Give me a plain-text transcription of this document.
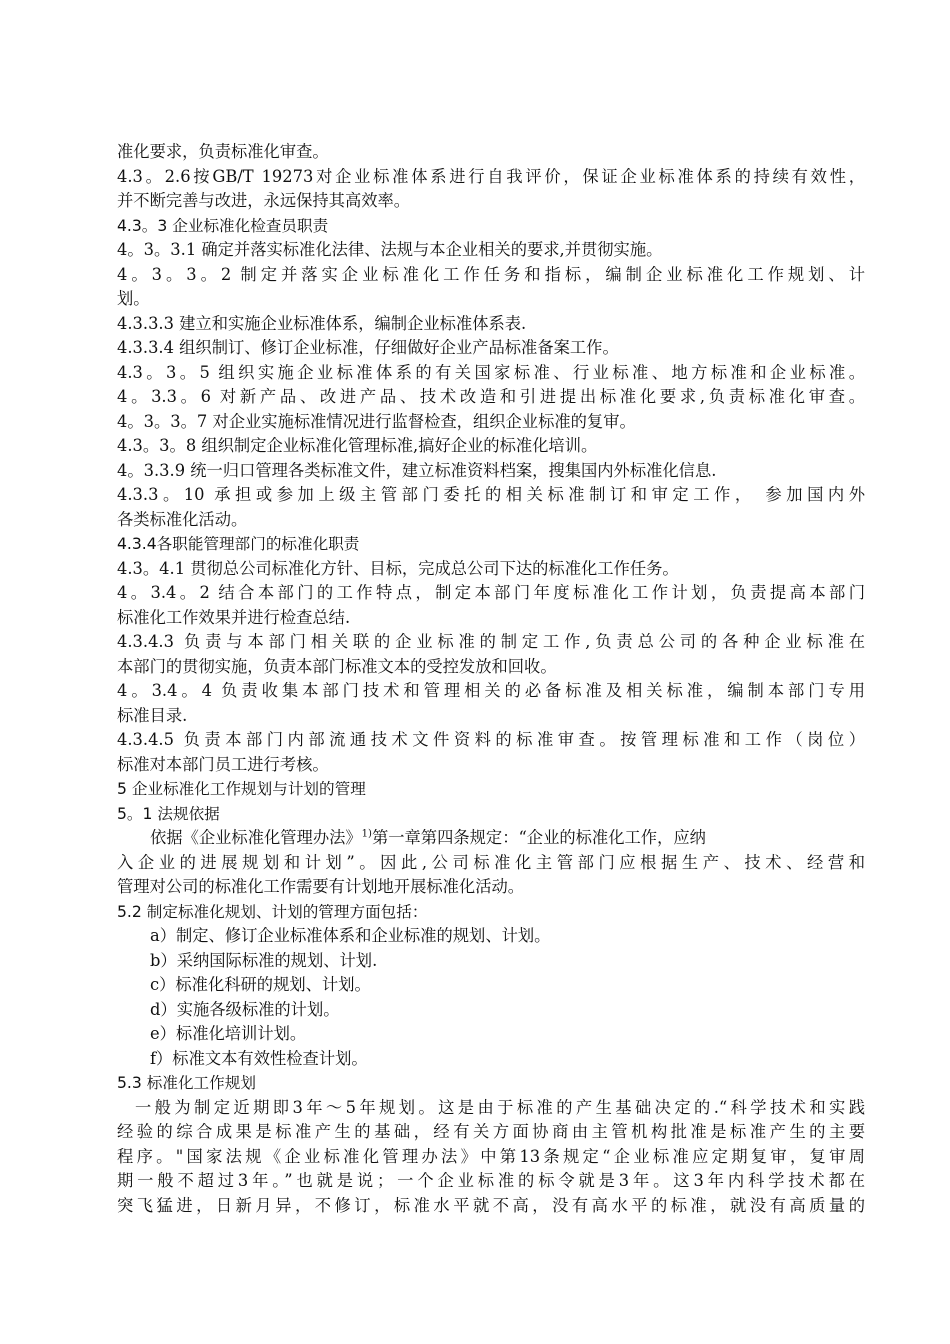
准化要求，负责标准化审查。
4.3。2.6按GB/T 19273对企业标准体系进行自我评价，保证企业标准体系的持续有效性，
并不断完善与改进，永远保持其高效率。
4.3。3 企业标准化检查员职责
4。3。3.1 确定并落实标准化法律、法规与本企业相关的要求,并贯彻实施。
4。3。3。2 制定并落实企业标准化工作任务和指标，编制企业标准化工作规划、计
划。
4.3.3.3 建立和实施企业标准体系，编制企业标准体系表.
4.3.3.4 组织制订、修订企业标准，仔细做好企业产品标准备案工作。
4.3。3。5 组织实施企业标准体系的有关国家标准、行业标准、地方标准和企业标准。
4。3.3。6 对新产品、改进产品、技术改造和引进提出标准化要求,负责标准化审查。
4。3。3。7 对企业实施标准情况进行监督检查，组织企业标准的复审。
4.3。3。8 组织制定企业标准化管理标准,搞好企业的标准化培训。
4。3.3.9 统一归口管理各类标准文件，建立标准资料档案，搜集国内外标准化信息.
4.3.3。10 承担或参加上级主管部门委托的相关标准制订和审定工作， 参加国内外
各类标准化活动。
4.3.4各职能管理部门的标准化职责
4.3。4.1 贯彻总公司标准化方针、目标，完成总公司下达的标准化工作任务。
4。3.4。2 结合本部门的工作特点，制定本部门年度标准化工作计划，负责提高本部门
标准化工作效果并进行检查总结.
4.3.4.3 负责与本部门相关联的企业标准的制定工作,负责总公司的各种企业标准在
本部门的贯彻实施，负责本部门标准文本的受控发放和回收。
4。3.4。4 负责收集本部门技术和管理相关的必备标准及相关标准，编制本部门专用
标准目录.
4.3.4.5 负责本部门内部流通技术文件资料的标准审查。按管理标准和工作（岗位）
标准对本部门员工进行考核。
5 企业标准化工作规划与计划的管理
5。1 法规依据
依据《企业标准化管理办法》$^{1)}$第一章第四条规定：“企业的标准化工作，应纳
入企业的进展规划和计划”。因此,公司标准化主管部门应根据生产、技术、经营和
管理对公司的标准化工作需要有计划地开展标准化活动。
5.2 制定标准化规划、计划的管理方面包括：
a）制定、修订企业标准体系和企业标准的规划、计划。
b）采纳国际标准的规划、计划.
c）标准化科研的规划、计划。
d）实施各级标准的计划。
e）标准化培训计划。
f）标准文本有效性检查计划。
5.3 标准化工作规划
一般为制定近期即3年～5年规划。这是由于标准的产生基础决定的.“科学技术和实践
经验的综合成果是标准产生的基础，经有关方面协商由主管机构批准是标准产生的主要
程序。"国家法规《企业标准化管理办法》中第13条规定“企业标准应定期复审，复审周
期一般不超过3年。”也就是说；一个企业标准的标令就是3年。这3年内科学技术都在
突飞猛进，日新月异，不修订，标准水平就不高，没有高水平的标准，就没有高质量的
